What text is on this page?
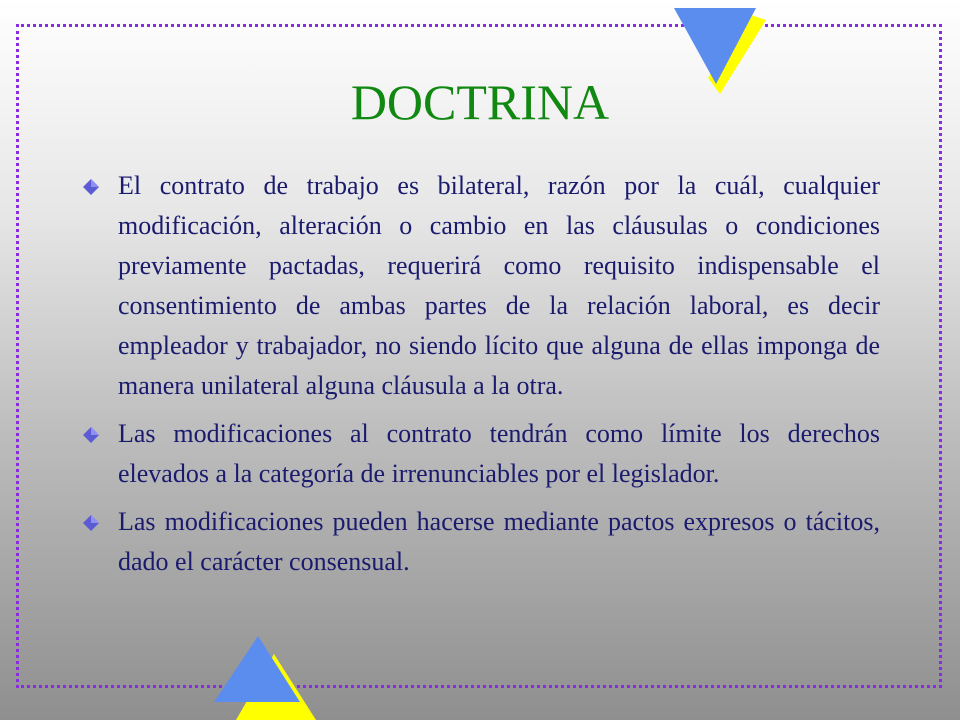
DOCTRINA
El contrato de trabajo es bilateral, razón por la cuál, cualquier modificación, alteración o cambio en las cláusulas o condiciones previamente pactadas, requerirá como requisito indispensable el consentimiento de ambas partes de la relación laboral, es decir empleador y trabajador, no siendo lícito que alguna de ellas imponga de manera unilateral alguna cláusula a la otra.
Las modificaciones al contrato tendrán como límite los derechos elevados a la categoría de irrenunciables por el legislador.
Las modificaciones pueden hacerse mediante pactos expresos o tácitos, dado el carácter consensual.
